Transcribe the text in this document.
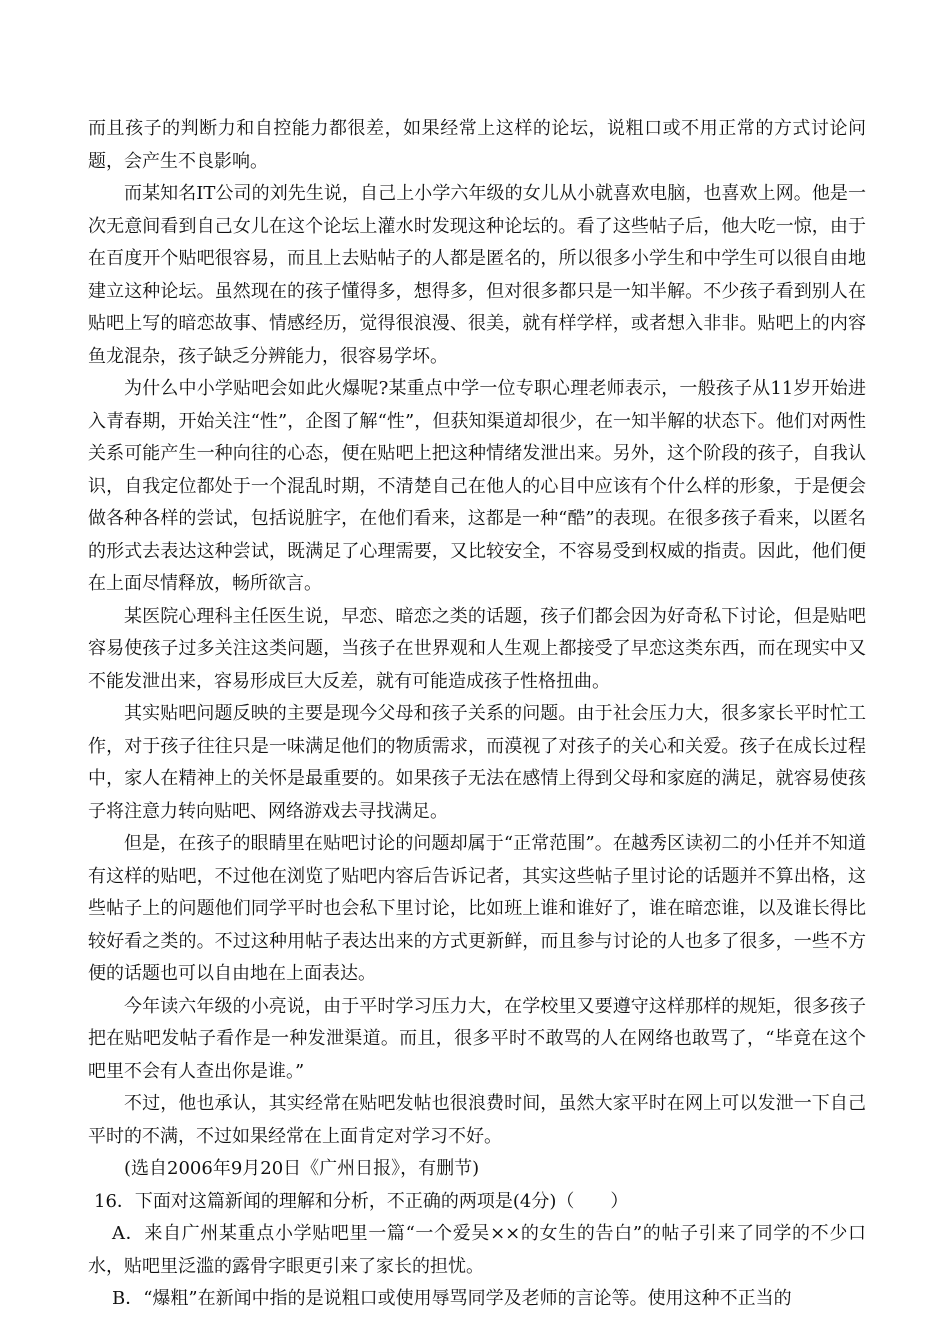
而且孩子的判断力和自控能力都很差，如果经常上这样的论坛，说粗口或不用正常的方式讨论问题，会产生不良影响。

而某知名IT公司的刘先生说，自己上小学六年级的女儿从小就喜欢电脑，也喜欢上网。他是一次无意间看到自己女儿在这个论坛上灌水时发现这种论坛的。看了这些帖子后，他大吃一惊，由于在百度开个贴吧很容易，而且上去贴帖子的人都是匿名的，所以很多小学生和中学生可以很自由地建立这种论坛。虽然现在的孩子懂得多，想得多，但对很多都只是一知半解。不少孩子看到别人在贴吧上写的暗恋故事、情感经历，觉得很浪漫、很美，就有样学样，或者想入非非。贴吧上的内容鱼龙混杂，孩子缺乏分辨能力，很容易学坏。

为什么中小学贴吧会如此火爆呢?某重点中学一位专职心理老师表示，一般孩子从11岁开始进入青春期，开始关注“性”，企图了解“性”，但获知渠道却很少，在一知半解的状态下。他们对两性关系可能产生一种向往的心态，便在贴吧上把这种情绪发泄出来。另外，这个阶段的孩子，自我认识，自我定位都处于一个混乱时期，不清楚自己在他人的心目中应该有个什么样的形象，于是便会做各种各样的尝试，包括说脏字，在他们看来，这都是一种“酷”的表现。在很多孩子看来，以匿名的形式去表达这种尝试，既满足了心理需要，又比较安全，不容易受到权威的指责。因此，他们便在上面尽情释放，畅所欲言。

某医院心理科主任医生说，早恋、暗恋之类的话题，孩子们都会因为好奇私下讨论，但是贴吧容易使孩子过多关注这类问题，当孩子在世界观和人生观上都接受了早恋这类东西，而在现实中又不能发泄出来，容易形成巨大反差，就有可能造成孩子性格扭曲。

其实贴吧问题反映的主要是现今父母和孩子关系的问题。由于社会压力大，很多家长平时忙工作，对于孩子往往只是一味满足他们的物质需求，而漠视了对孩子的关心和关爱。孩子在成长过程中，家人在精神上的关怀是最重要的。如果孩子无法在感情上得到父母和家庭的满足，就容易使孩子将注意力转向贴吧、网络游戏去寻找满足。

但是，在孩子的眼睛里在贴吧讨论的问题却属于“正常范围”。在越秀区读初二的小任并不知道有这样的贴吧，不过他在浏览了贴吧内容后告诉记者，其实这些帖子里讨论的话题并不算出格，这些帖子上的问题他们同学平时也会私下里讨论，比如班上谁和谁好了，谁在暗恋谁，以及谁长得比较好看之类的。不过这种用帖子表达出来的方式更新鲜，而且参与讨论的人也多了很多，一些不方便的话题也可以自由地在上面表达。

今年读六年级的小亮说，由于平时学习压力大，在学校里又要遵守这样那样的规矩，很多孩子把在贴吧发帖子看作是一种发泄渠道。而且，很多平时不敢骂的人在网络也敢骂了，“毕竟在这个吧里不会有人查出你是谁。”

不过，他也承认，其实经常在贴吧发帖也很浪费时间，虽然大家平时在网上可以发泄一下自己平时的不满，不过如果经常在上面肯定对学习不好。

(选自2006年9月20日《广州日报》，有删节)

16．下面对这篇新闻的理解和分析，不正确的两项是(4分)（　　）

A．来自广州某重点小学贴吧里一篇“一个爱吴××的女生的告白”的帖子引来了同学的不少口水，贴吧里泛滥的露骨字眼更引来了家长的担忧。

B．“爆粗”在新闻中指的是说粗口或使用辱骂同学及老师的言论等。使用这种不正当的
